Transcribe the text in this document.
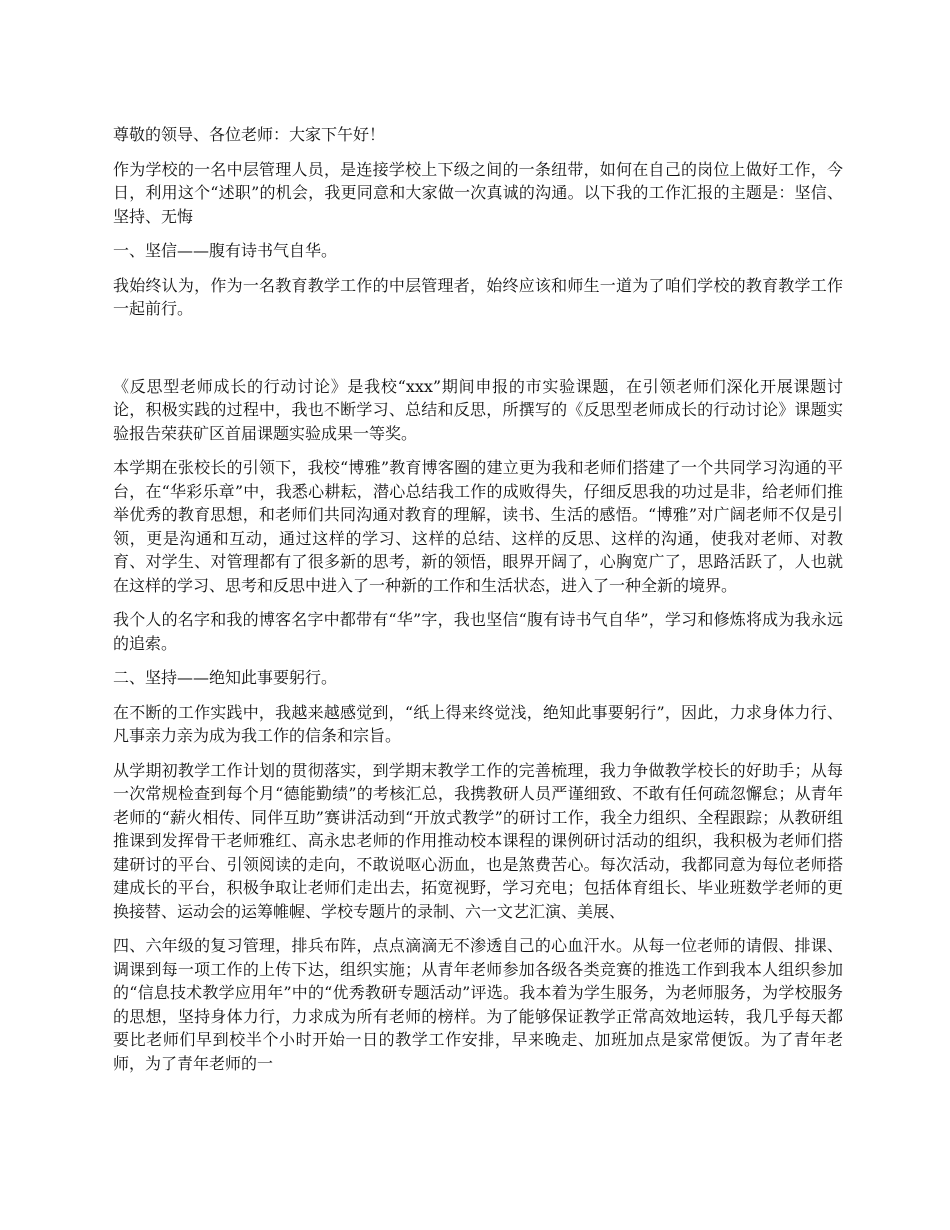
尊敬的领导、各位老师：大家下午好！

作为学校的一名中层管理人员，是连接学校上下级之间的一条纽带，如何在自己的岗位上做好工作，今日，利用这个“述职”的机会，我更同意和大家做一次真诚的沟通。以下我的工作汇报的主题是：坚信、坚持、无悔

一、坚信——腹有诗书气自华。

我始终认为，作为一名教育教学工作的中层管理者，始终应该和师生一道为了咱们学校的教育教学工作一起前行。

《反思型老师成长的行动讨论》是我校“xxx”期间申报的市实验课题，在引领老师们深化开展课题讨论，积极实践的过程中，我也不断学习、总结和反思，所撰写的《反思型老师成长的行动讨论》课题实验报告荣获矿区首届课题实验成果一等奖。

本学期在张校长的引领下，我校“博雅”教育博客圈的建立更为我和老师们搭建了一个共同学习沟通的平台，在“华彩乐章”中，我悉心耕耘，潜心总结我工作的成败得失，仔细反思我的功过是非，给老师们推举优秀的教育思想，和老师们共同沟通对教育的理解，读书、生活的感悟。“博雅”对广阔老师不仅是引领，更是沟通和互动，通过这样的学习、这样的总结、这样的反思、这样的沟通，使我对老师、对教育、对学生、对管理都有了很多新的思考，新的领悟，眼界开阔了，心胸宽广了，思路活跃了，人也就在这样的学习、思考和反思中进入了一种新的工作和生活状态，进入了一种全新的境界。

我个人的名字和我的博客名字中都带有“华”字，我也坚信“腹有诗书气自华”，学习和修炼将成为我永远的追索。

二、坚持——绝知此事要躬行。

在不断的工作实践中，我越来越感觉到，“纸上得来终觉浅，绝知此事要躬行”，因此，力求身体力行、凡事亲力亲为成为我工作的信条和宗旨。

从学期初教学工作计划的贯彻落实，到学期末教学工作的完善梳理，我力争做教学校长的好助手；从每一次常规检查到每个月“德能勤绩”的考核汇总，我携教研人员严谨细致、不敢有任何疏忽懈怠；从青年老师的“薪火相传、同伴互助”赛讲活动到“开放式教学”的研讨工作，我全力组织、全程跟踪；从教研组推课到发挥骨干老师雅红、高永忠老师的作用推动校本课程的课例研讨活动的组织，我积极为老师们搭建研讨的平台、引领阅读的走向，不敢说呕心沥血，也是煞费苦心。每次活动，我都同意为每位老师搭建成长的平台，积极争取让老师们走出去，拓宽视野，学习充电；包括体育组长、毕业班数学老师的更换接替、运动会的运筹帷幄、学校专题片的录制、六一文艺汇演、美展、

四、六年级的复习管理，排兵布阵，点点滴滴无不渗透自己的心血汗水。从每一位老师的请假、排课、调课到每一项工作的上传下达，组织实施；从青年老师参加各级各类竞赛的推选工作到我本人组织参加的“信息技术教学应用年”中的“优秀教研专题活动”评选。我本着为学生服务，为老师服务，为学校服务的思想，坚持身体力行，力求成为所有老师的榜样。为了能够保证教学正常高效地运转，我几乎每天都要比老师们早到校半个小时开始一日的教学工作安排，早来晚走、加班加点是家常便饭。为了青年老师，为了青年老师的一
